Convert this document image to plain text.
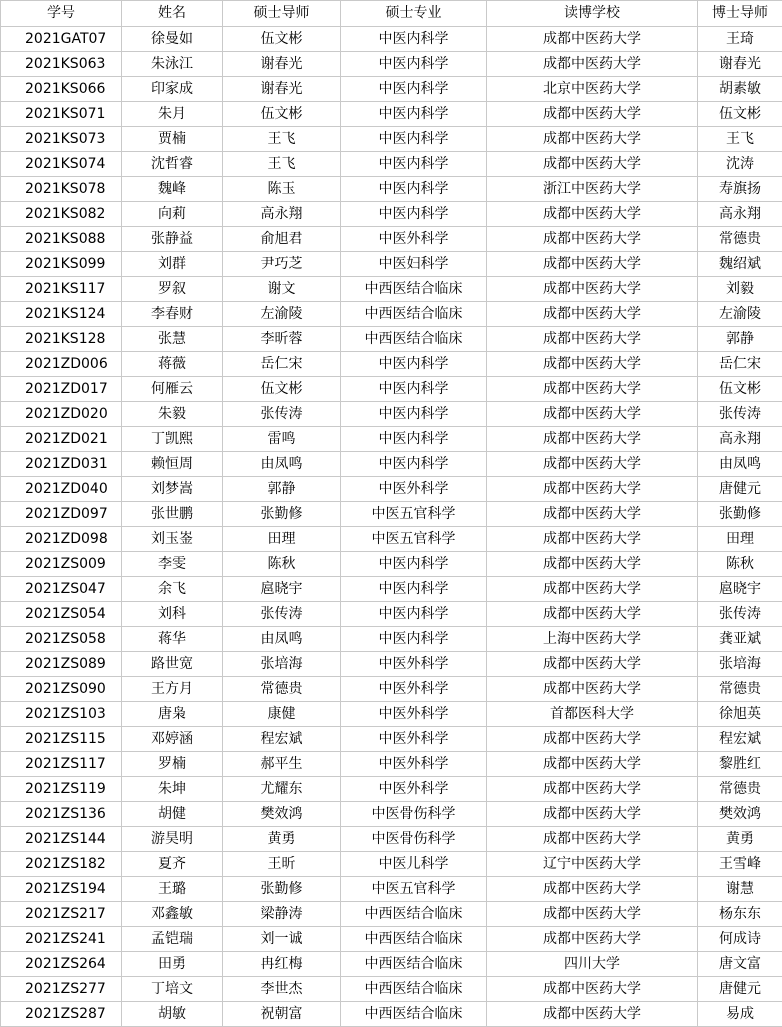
学号	姓名	硕士导师	硕士专业	读博学校	博士导师
2021GAT07	徐曼如	伍文彬	中医内科学	成都中医药大学	王琦
2021KS063	朱泳江	谢春光	中医内科学	成都中医药大学	谢春光
2021KS066	印家成	谢春光	中医内科学	北京中医药大学	胡素敏
2021KS071	朱月	伍文彬	中医内科学	成都中医药大学	伍文彬
2021KS073	贾楠	王飞	中医内科学	成都中医药大学	王飞
2021KS074	沈哲睿	王飞	中医内科学	成都中医药大学	沈涛
2021KS078	魏峰	陈玉	中医内科学	浙江中医药大学	寿旗扬
2021KS082	向莉	高永翔	中医内科学	成都中医药大学	高永翔
2021KS088	张静益	俞旭君	中医外科学	成都中医药大学	常德贵
2021KS099	刘群	尹巧芝	中医妇科学	成都中医药大学	魏绍斌
2021KS117	罗叙	谢文	中西医结合临床	成都中医药大学	刘毅
2021KS124	李春财	左渝陵	中西医结合临床	成都中医药大学	左渝陵
2021KS128	张慧	李昕蓉	中西医结合临床	成都中医药大学	郭静
2021ZD006	蒋薇	岳仁宋	中医内科学	成都中医药大学	岳仁宋
2021ZD017	何雁云	伍文彬	中医内科学	成都中医药大学	伍文彬
2021ZD020	朱毅	张传涛	中医内科学	成都中医药大学	张传涛
2021ZD021	丁凯熙	雷鸣	中医内科学	成都中医药大学	高永翔
2021ZD031	赖恒周	由凤鸣	中医内科学	成都中医药大学	由凤鸣
2021ZD040	刘梦嵩	郭静	中医外科学	成都中医药大学	唐健元
2021ZD097	张世鹏	张勤修	中医五官科学	成都中医药大学	张勤修
2021ZD098	刘玉崟	田理	中医五官科学	成都中医药大学	田理
2021ZS009	李雯	陈秋	中医内科学	成都中医药大学	陈秋
2021ZS047	余飞	扈晓宇	中医内科学	成都中医药大学	扈晓宇
2021ZS054	刘科	张传涛	中医内科学	成都中医药大学	张传涛
2021ZS058	蒋华	由凤鸣	中医内科学	上海中医药大学	龚亚斌
2021ZS089	路世宽	张培海	中医外科学	成都中医药大学	张培海
2021ZS090	王方月	常德贵	中医外科学	成都中医药大学	常德贵
2021ZS103	唐枭	康健	中医外科学	首都医科大学	徐旭英
2021ZS115	邓婷涵	程宏斌	中医外科学	成都中医药大学	程宏斌
2021ZS117	罗楠	郝平生	中医外科学	成都中医药大学	黎胜红
2021ZS119	朱坤	尤耀东	中医外科学	成都中医药大学	常德贵
2021ZS136	胡健	樊效鸿	中医骨伤科学	成都中医药大学	樊效鸿
2021ZS144	游昊明	黄勇	中医骨伤科学	成都中医药大学	黄勇
2021ZS182	夏齐	王昕	中医儿科学	辽宁中医药大学	王雪峰
2021ZS194	王璐	张勤修	中医五官科学	成都中医药大学	谢慧
2021ZS217	邓鑫敏	梁静涛	中西医结合临床	成都中医药大学	杨东东
2021ZS241	孟铠瑞	刘一诚	中西医结合临床	成都中医药大学	何成诗
2021ZS264	田勇	冉红梅	中西医结合临床	四川大学	唐文富
2021ZS277	丁培文	李世杰	中西医结合临床	成都中医药大学	唐健元
2021ZS287	胡敏	祝朝富	中西医结合临床	成都中医药大学	易成
